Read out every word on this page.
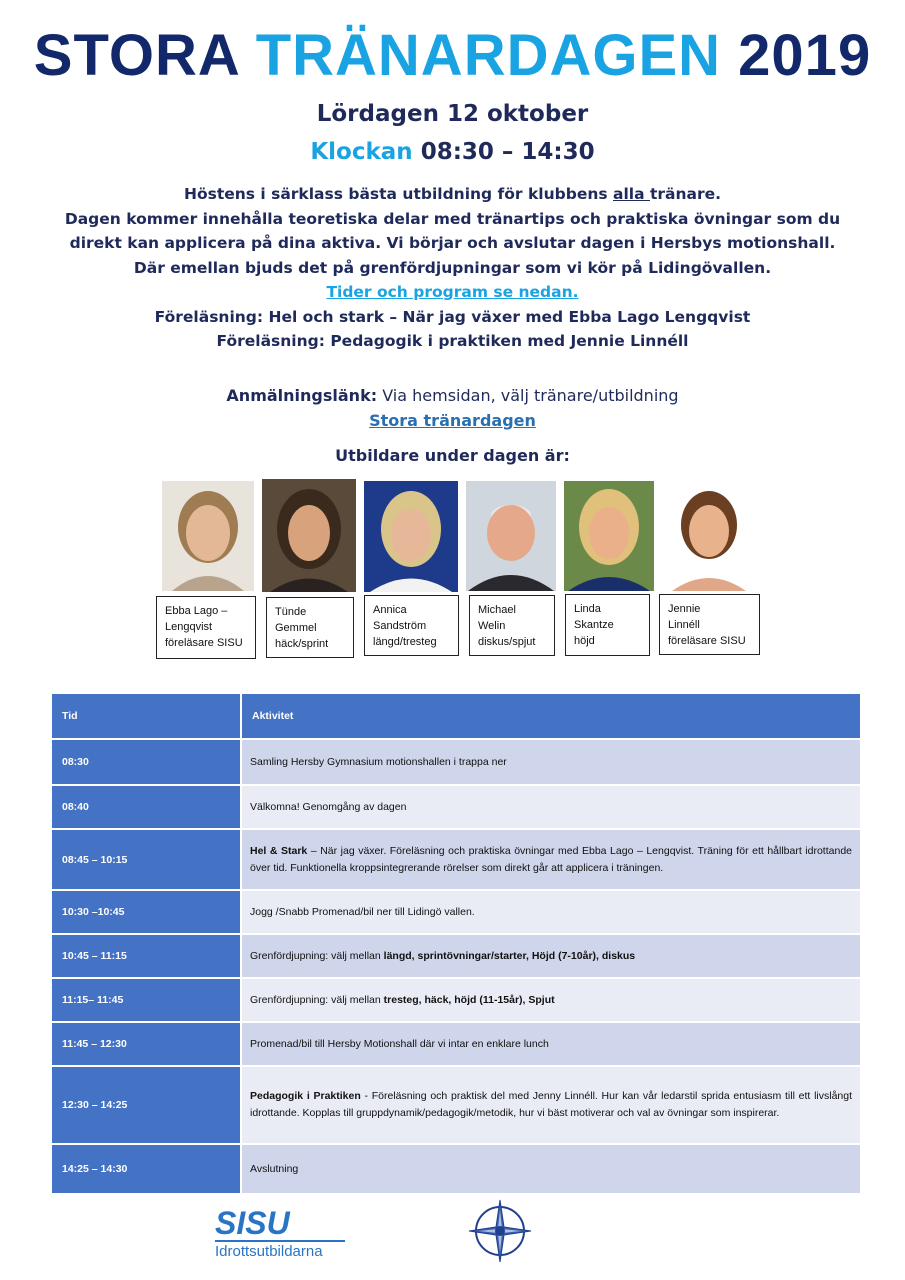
STORA TRÄNARDAGEN 2019
Lördagen 12 oktober
Klockan 08:30 – 14:30
Höstens i särklass bästa utbildning för klubbens alla tränare.
Dagen kommer innehålla teoretiska delar med tränartips och praktiska övningar som du
direkt kan applicera på dina aktiva. Vi börjar och avslutar dagen i Hersbys motionshall.
Där emellan bjuds det på grenfördjupningar som vi kör på Lidingövallen.
Tider och program se nedan.
Föreläsning: Hel och stark – När jag växer med Ebba Lago Lengqvist
Föreläsning: Pedagogik i praktiken med Jennie Linnéll
Anmälningslänk: Via hemsidan, välj tränare/utbildning
Stora tränardagen
Utbildare under dagen är:
Ebba Lago –
Lengqvist
föreläsare SISU
Tünde
Gemmel
häck/sprint
Annica
Sandström
längd/tresteg
Michael
Welin
diskus/spjut
Linda
Skantze
höjd
Jennie
Linnéll
föreläsare SISU
Tid	Aktivitet
08:30	Samling Hersby Gymnasium motionshallen i trappa ner
08:40	Välkomna! Genomgång av dagen
08:45 – 10:15	Hel & Stark – När jag växer. Föreläsning och praktiska övningar med Ebba Lago – Lengqvist. Träning för ett hållbart idrottande över tid. Funktionella kroppsintegrerande rörelser som direkt går att applicera i träningen.
10:30 –10:45	Jogg /Snabb Promenad/bil ner till Lidingö vallen.
10:45 – 11:15	Grenfördjupning: välj mellan längd, sprintövningar/starter, Höjd (7-10år), diskus
11:15– 11:45	Grenfördjupning: välj mellan tresteg, häck, höjd (11-15år), Spjut
11:45 – 12:30	Promenad/bil till Hersby Motionshall där vi intar en enklare lunch
12:30 – 14:25	Pedagogik i Praktiken - Föreläsning och praktisk del med Jenny Linnéll. Hur kan vår ledarstil sprida entusiasm till ett livslångt idrottande. Kopplas till gruppdynamik/pedagogik/metodik, hur vi bäst motiverar och val av övningar som inspirerar.
14:25 – 14:30	Avslutning
SISU
Idrottsutbildarna
